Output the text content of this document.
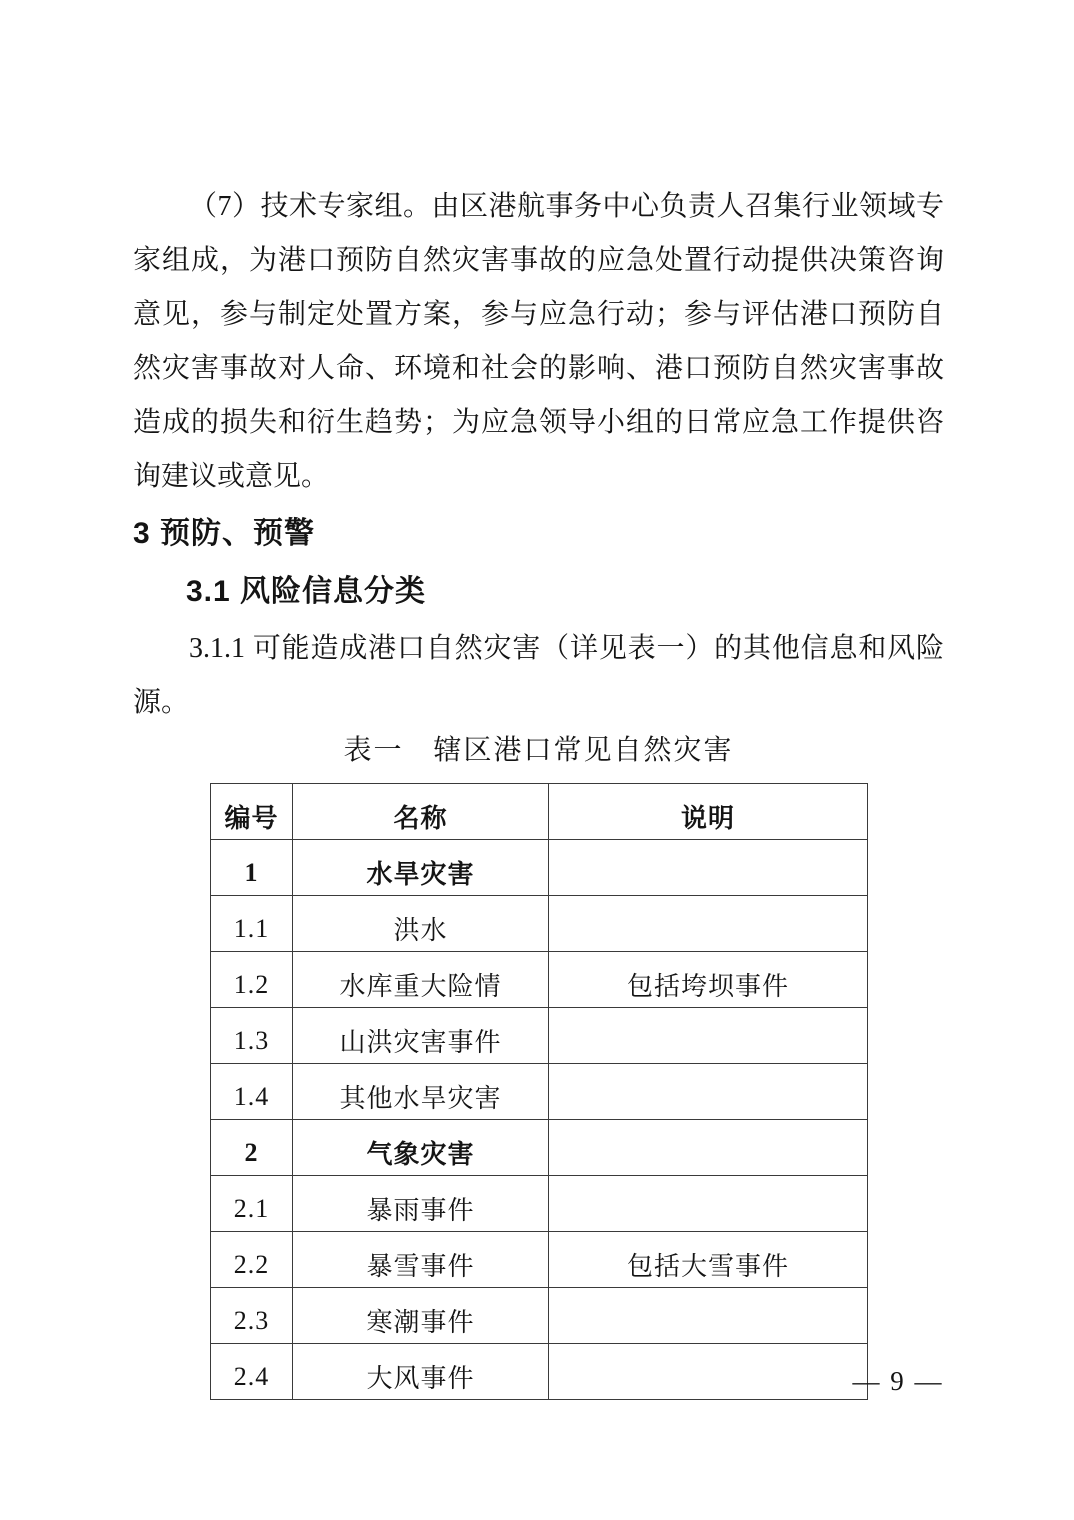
（7）技术专家组。由区港航事务中心负责人召集行业领域专
家组成，为港口预防自然灾害事故的应急处置行动提供决策咨询
意见，参与制定处置方案，参与应急行动；参与评估港口预防自
然灾害事故对人命、环境和社会的影响、港口预防自然灾害事故
造成的损失和衍生趋势；为应急领导小组的日常应急工作提供咨
询建议或意见。
3 预防、预警
3.1 风险信息分类
3.1.1 可能造成港口自然灾害（详见表一）的其他信息和风险
源。
表一　辖区港口常见自然灾害
编号	名称	说明
1	水旱灾害	
1.1	洪水	
1.2	水库重大险情	包括垮坝事件
1.3	山洪灾害事件	
1.4	其他水旱灾害	
2	气象灾害	
2.1	暴雨事件	
2.2	暴雪事件	包括大雪事件
2.3	寒潮事件	
2.4	大风事件		— 9 —
